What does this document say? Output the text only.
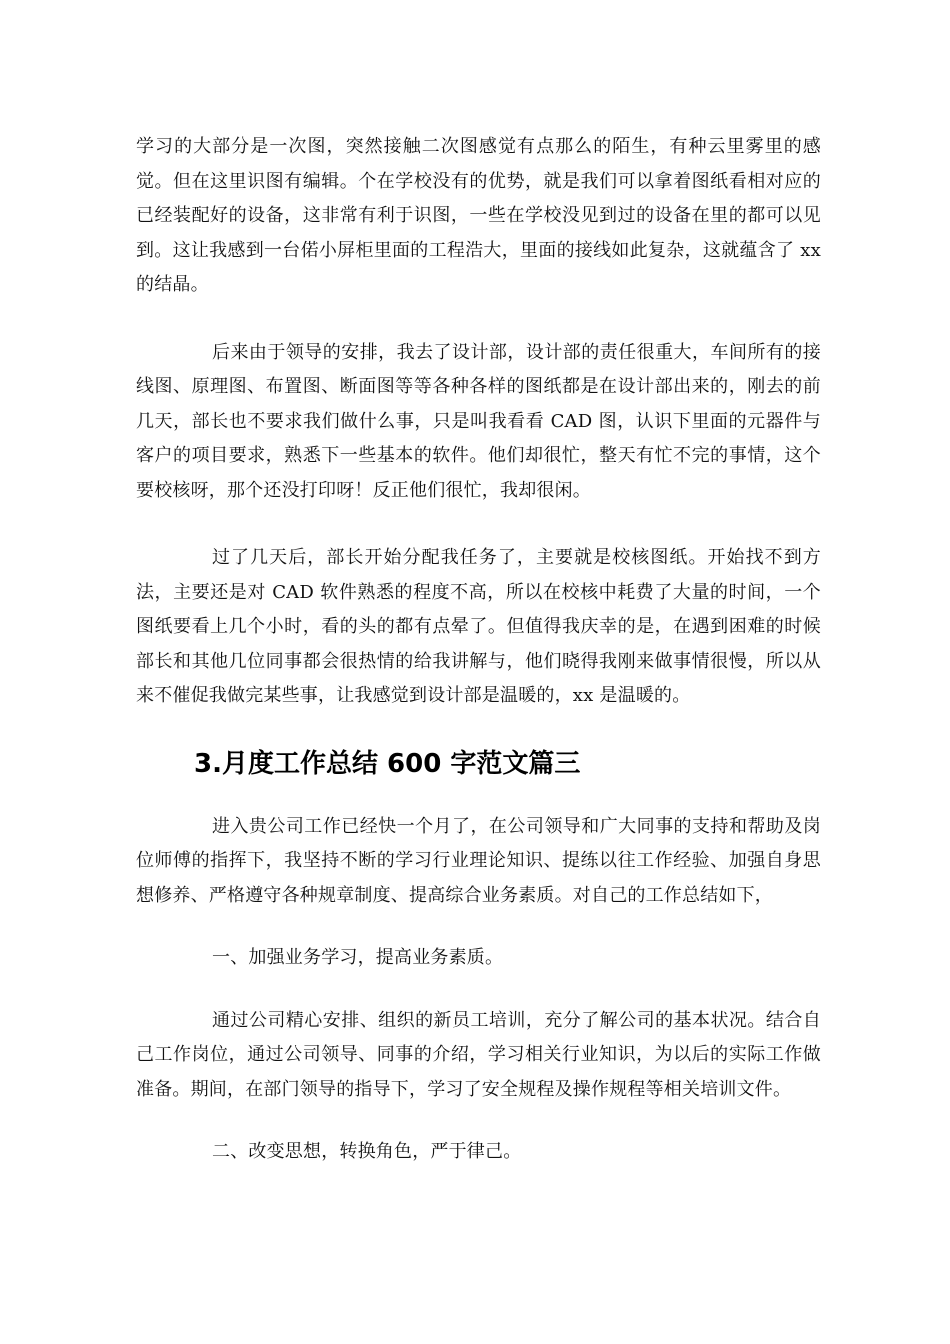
学习的大部分是一次图，突然接触二次图感觉有点那么的陌生，有种云里雾里的感觉。但在这里识图有编辑。个在学校没有的优势，就是我们可以拿着图纸看相对应的已经装配好的设备，这非常有利于识图，一些在学校没见到过的设备在里的都可以见到。这让我感到一台偌小屏柜里面的工程浩大，里面的接线如此复杂，这就蕴含了 xx 的结晶。

后来由于领导的安排，我去了设计部，设计部的责任很重大，车间所有的接线图、原理图、布置图、断面图等等各种各样的图纸都是在设计部出来的，刚去的前几天，部长也不要求我们做什么事，只是叫我看看 CAD 图，认识下里面的元器件与客户的项目要求，熟悉下一些基本的软件。他们却很忙，整天有忙不完的事情，这个要校核呀，那个还没打印呀！反正他们很忙，我却很闲。

过了几天后，部长开始分配我任务了，主要就是校核图纸。开始找不到方法，主要还是对 CAD 软件熟悉的程度不高，所以在校核中耗费了大量的时间，一个图纸要看上几个小时，看的头的都有点晕了。但值得我庆幸的是，在遇到困难的时候部长和其他几位同事都会很热情的给我讲解与，他们晓得我刚来做事情很慢，所以从来不催促我做完某些事，让我感觉到设计部是温暖的，xx 是温暖的。

3.月度工作总结 600 字范文篇三

进入贵公司工作已经快一个月了，在公司领导和广大同事的支持和帮助及岗位师傅的指挥下，我坚持不断的学习行业理论知识、提练以往工作经验、加强自身思想修养、严格遵守各种规章制度、提高综合业务素质。对自己的工作总结如下，

一、加强业务学习，提高业务素质。

通过公司精心安排、组织的新员工培训，充分了解公司的基本状况。结合自己工作岗位，通过公司领导、同事的介绍，学习相关行业知识，为以后的实际工作做准备。期间，在部门领导的指导下，学习了安全规程及操作规程等相关培训文件。

二、改变思想，转换角色，严于律己。
